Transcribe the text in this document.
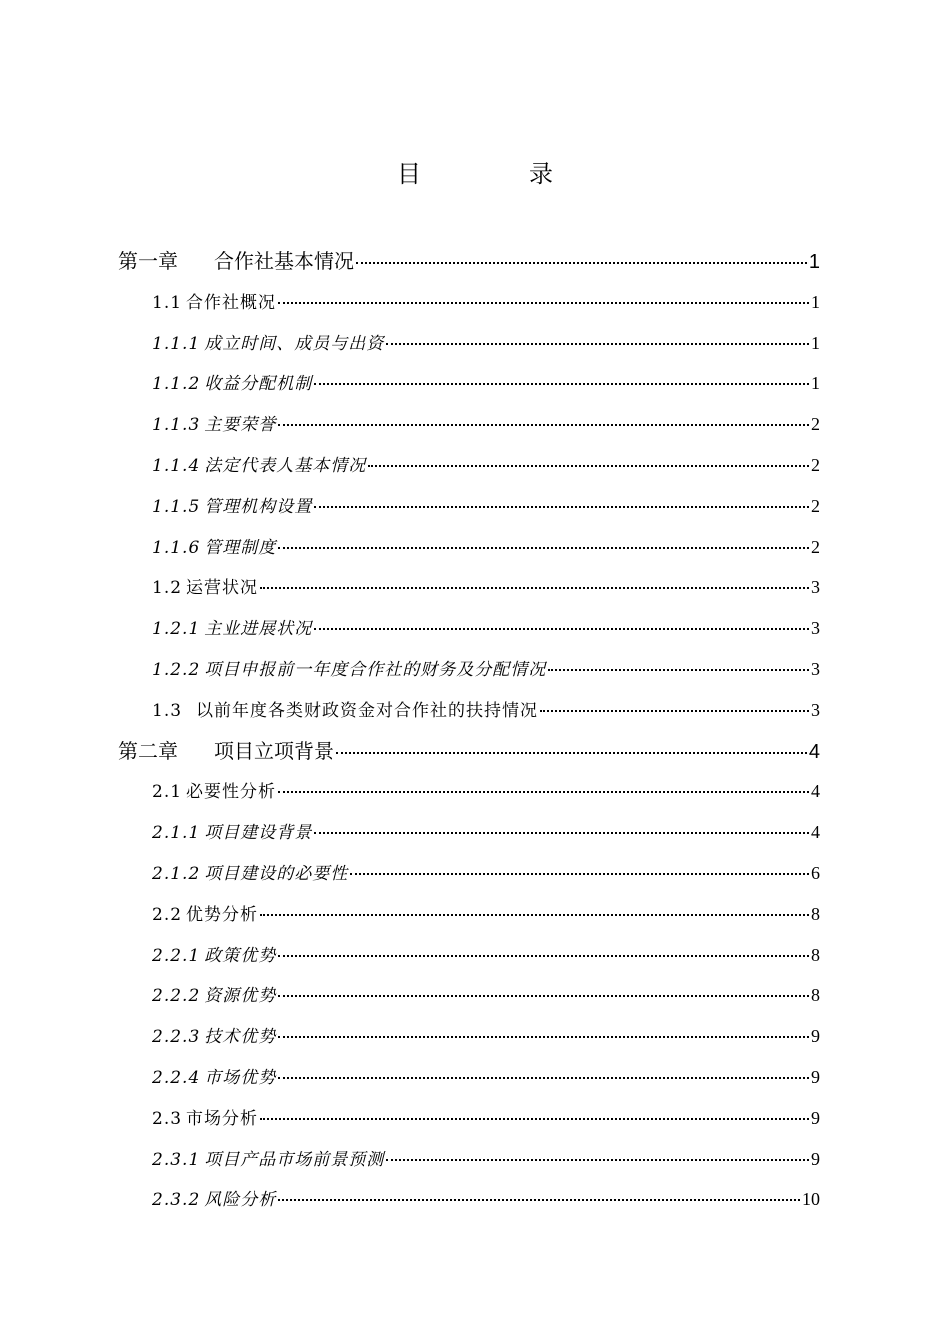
目　录
第一章 合作社基本情况	1
1.1 合作社概况	1
1.1.1 成立时间、成员与出资	1
1.1.2 收益分配机制	1
1.1.3 主要荣誉	2
1.1.4 法定代表人基本情况	2
1.1.5 管理机构设置	2
1.1.6 管理制度	2
1.2 运营状况	3
1.2.1 主业进展状况	3
1.2.2 项目申报前一年度合作社的财务及分配情况	3
1.3 以前年度各类财政资金对合作社的扶持情况	3
第二章 项目立项背景	4
2.1 必要性分析	4
2.1.1 项目建设背景	4
2.1.2 项目建设的必要性	6
2.2 优势分析	8
2.2.1 政策优势	8
2.2.2 资源优势	8
2.2.3 技术优势	9
2.2.4 市场优势	9
2.3 市场分析	9
2.3.1 项目产品市场前景预测	9
2.3.2 风险分析	10
